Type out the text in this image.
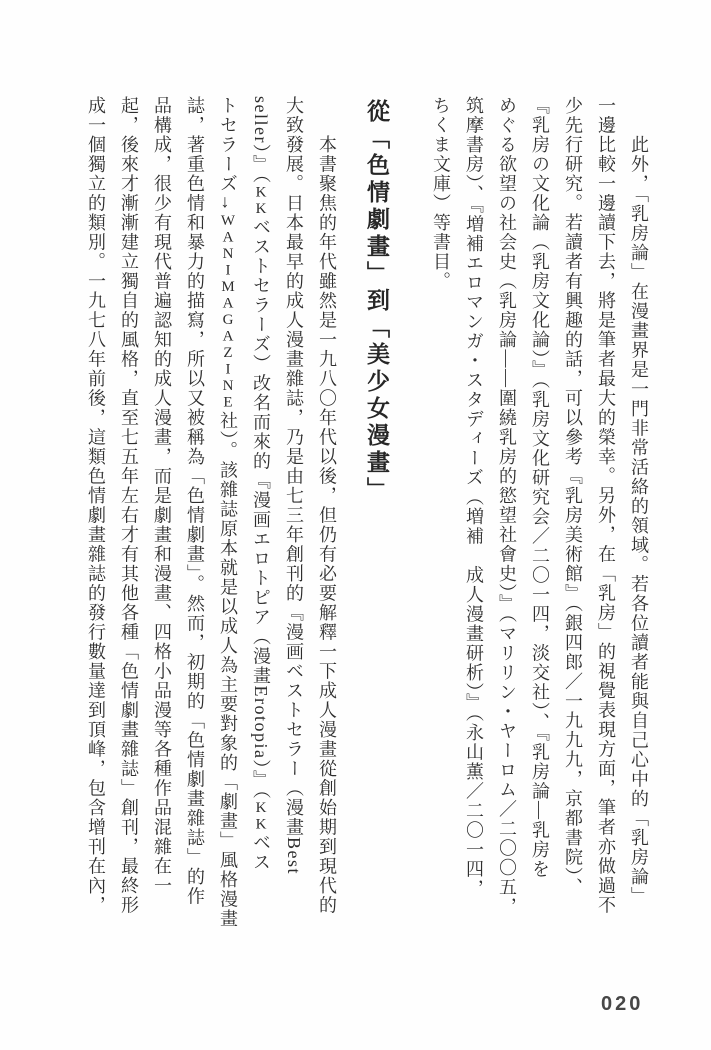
　　此外，「乳房論」在漫畫界是一門非常活絡的領域。若各位讀者能與自己心中的「乳房論」
一邊比較一邊讀下去，將是筆者最大的榮幸。另外，在「乳房」的視覺表現方面，筆者亦做過不
少先行研究。若讀者有興趣的話，可以參考『乳房美術館』（銀四郎／一九九九，京都書院）、
『乳房の文化論（乳房文化論）』（乳房文化研究会／二〇一四，淡交社）、『乳房論―乳房を
めぐる欲望の社会史（乳房論——圍繞乳房的慾望社會史）』（マリリン・ヤーロム／二〇〇五，
筑摩書房）、『増補エロマンガ・スタディーズ（増補　成人漫畫研析）』（永山薫／二〇一四，
ちくま文庫）等書目。
從「色情劇畫」到「美少女漫畫」
　　本書聚焦的年代雖然是一九八〇年代以後，但仍有必要解釋一下成人漫畫從創始期到現代的
大致發展。日本最早的成人漫畫雜誌，乃是由七三年創刊的『漫画ベストセラー（漫畫Best
seller）』（KKベストセラーズ）改名而來的『漫画エロトピア（漫畫Erotopia）』（KKベス
トセラーズ→WANIMAGAZINE社）。該雜誌原本就是以成人為主要對象的「劇畫」風格漫畫
誌，著重色情和暴力的描寫，所以又被稱為「色情劇畫」。然而，初期的「色情劇畫雜誌」的作
品構成，很少有現代普遍認知的成人漫畫，而是劇畫和漫畫、四格小品漫等各種作品混雜在一
起，後來才漸漸建立獨自的風格，直至七五年左右才有其他各種「色情劇畫雜誌」創刊，最終形
成一個獨立的類別。一九七八年前後，這類色情劇畫雜誌的發行數量達到頂峰，包含增刊在內，
020
